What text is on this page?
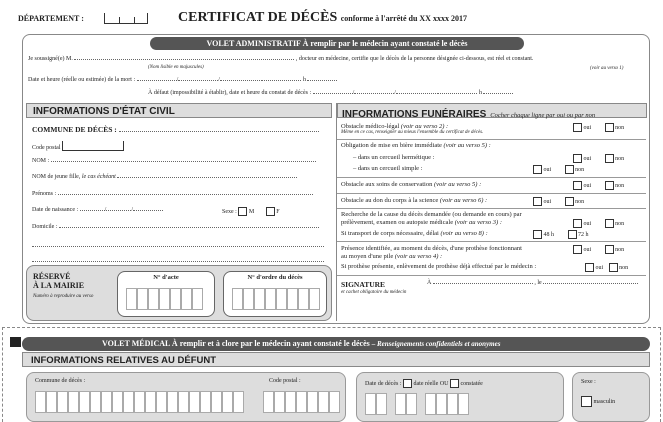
DÉPARTEMENT :	CERTIFICAT DE DÉCÈS conforme à l'arrêté du XX xxxx 2017
VOLET ADMINISTRATIF À remplir par le médecin ayant constaté le décès
Je soussigné(e) M.	, docteur en médecine, certifie que le décès de la personne désignée ci-dessous, est réel et constant.
(Nom lisible en majuscules)	(voir au verso 1)
Date et heure (réelle ou estimée) de la mort :	/	/	h
À défaut (impossibilité à établir), date et heure du constat de décès :	/	/	h
INFORMATIONS D'ÉTAT CIVIL
COMMUNE DE DÉCÈS :
Code postal
NOM :
NOM de jeune fille, le cas échéant
Prénoms :
Date de naissance :	/	/	Sexe : M	F
Domicile :
RÉSERVÉ
À LA MAIRIE
Numéro à reproduire au verso
N° d'acte	N° d'ordre du décès
INFORMATIONS FUNÉRAIRES Cocher chaque ligne par oui ou par non
Obstacle médico-légal (voir au verso 2) :
Même en ce cas, renseigner au mieux l'ensemble du certificat de décès.
oui	non
Obligation de mise en bière immédiate (voir au verso 5) :
– dans un cercueil hermétique :	oui	non
– dans un cercueil simple :	oui	non
Obstacle aux soins de conservation (voir au verso 5) :	oui	non
Obstacle au don du corps à la science (voir au verso 6) :	oui	non
Recherche de la cause du décès demandée (ou demande en cours) par
prélèvement, examen ou autopsie médicale (voir au verso 3) :	oui	non
Si transport de corps nécessaire, délai (voir au verso 8) :	48 h	72 h
Présence identifiée, au moment du décès, d'une prothèse fonctionnant
au moyen d'une pile (voir au verso 4) :
oui	non
Si prothèse présente, enlèvement de prothèse déjà effectué par le médecin :	oui	non
SIGNATURE
et cachet obligatoire du médecin
À	, le
VOLET MÉDICAL À remplir et à clore par le médecin ayant constaté le décès – Renseignements confidentiels et anonymes
INFORMATIONS RELATIVES AU DÉFUNT
Commune de décès :	Code postal :	Date de décès : date réelle OU constatée	Sexe :
masculin
